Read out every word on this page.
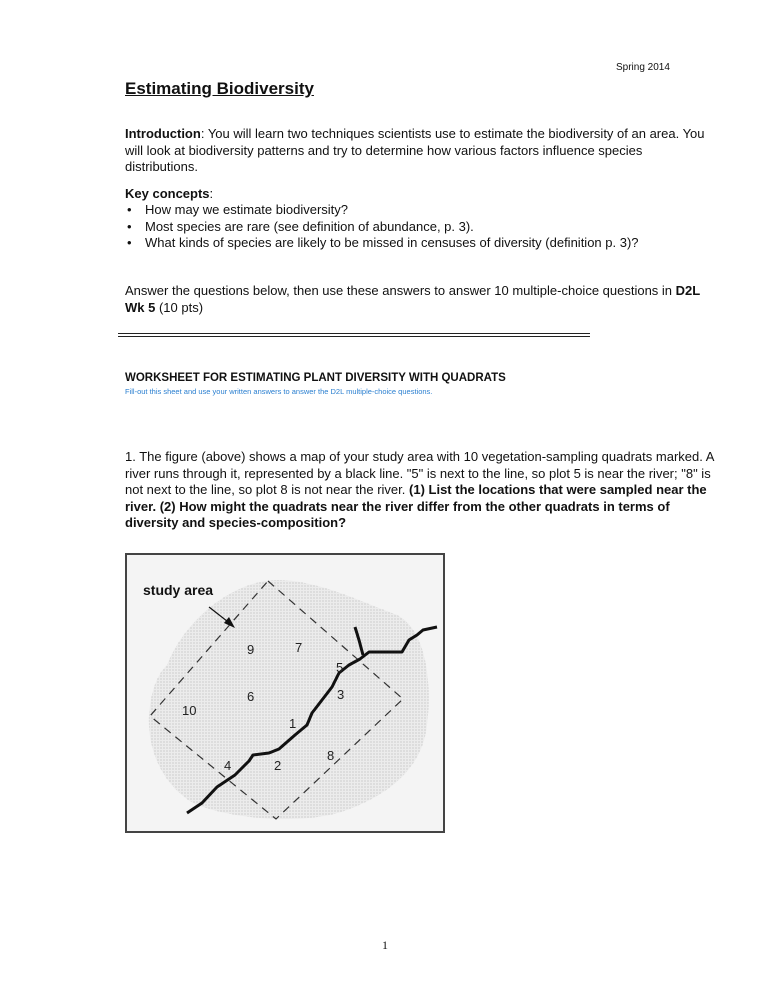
Spring 2014
Estimating Biodiversity
Introduction: You will learn two techniques scientists use to estimate the biodiversity of an area. You will look at biodiversity patterns and try to determine how various factors influence species distributions.
Key concepts:
• How may we estimate biodiversity?
• Most species are rare (see definition of abundance, p. 3).
• What kinds of species are likely to be missed in censuses of diversity (definition p. 3)?
Answer the questions below, then use these answers to answer 10 multiple-choice questions in D2L Wk 5 (10 pts)
WORKSHEET FOR ESTIMATING PLANT DIVERSITY WITH QUADRATS
Fill-out this sheet and use your written answers to answer the D2L multiple-choice questions.
1. The figure (above) shows a map of your study area with 10 vegetation-sampling quadrats marked. A river runs through it, represented by a black line. "5" is next to the line, so plot 5 is near the river; "8" is not next to the line, so plot 8 is not near the river. (1) List the locations that were sampled near the river. (2) How might the quadrats near the river differ from the other quadrats in terms of diversity and species-composition?
study area
1
2
3
4
5
6
7
8
9
10
1
